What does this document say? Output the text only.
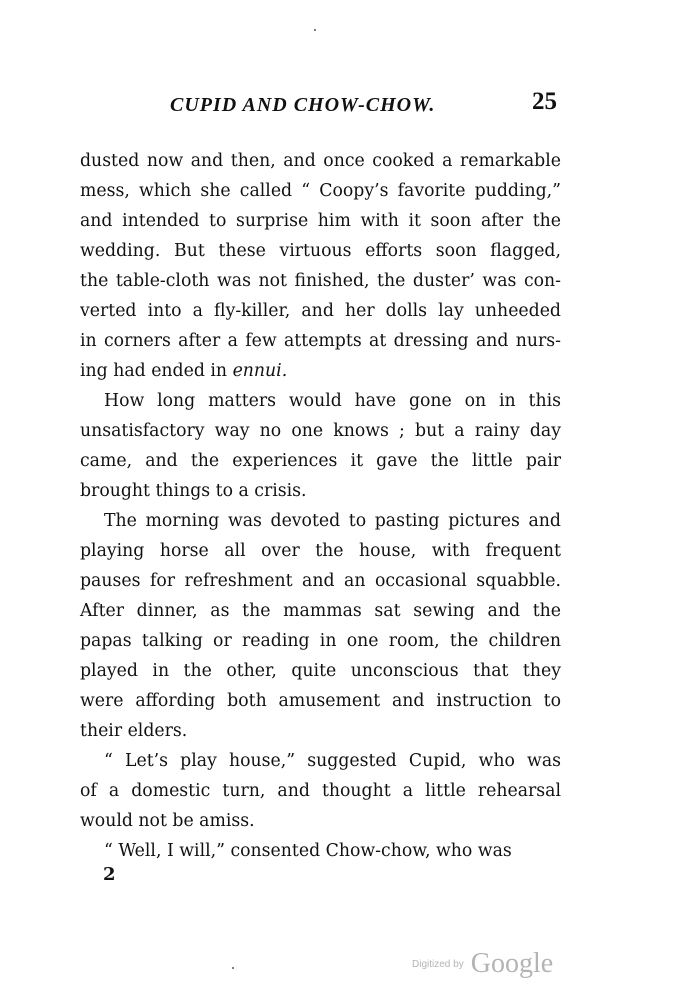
CUPID AND CHOW-CHOW.	25
dusted now and then, and once cooked a remarkable
mess, which she called “ Coopy’s favorite pudding,”
and intended to surprise him with it soon after the
wedding. But these virtuous efforts soon flagged,
the table-cloth was not finished, the duster’ was con-
verted into a fly-killer, and her dolls lay unheeded
in corners after a few attempts at dressing and nurs-
ing had ended in ennui.
How long matters would have gone on in this
unsatisfactory way no one knows ; but a rainy day
came, and the experiences it gave the little pair
brought things to a crisis.
The morning was devoted to pasting pictures and
playing horse all over the house, with frequent
pauses for refreshment and an occasional squabble.
After dinner, as the mammas sat sewing and the
papas talking or reading in one room, the children
played in the other, quite unconscious that they
were affording both amusement and instruction to
their elders.
“ Let’s play house,” suggested Cupid, who was
of a domestic turn, and thought a little rehearsal
would not be amiss.
“ Well, I will,” consented Chow-chow, who was
2
Digitized by Google
